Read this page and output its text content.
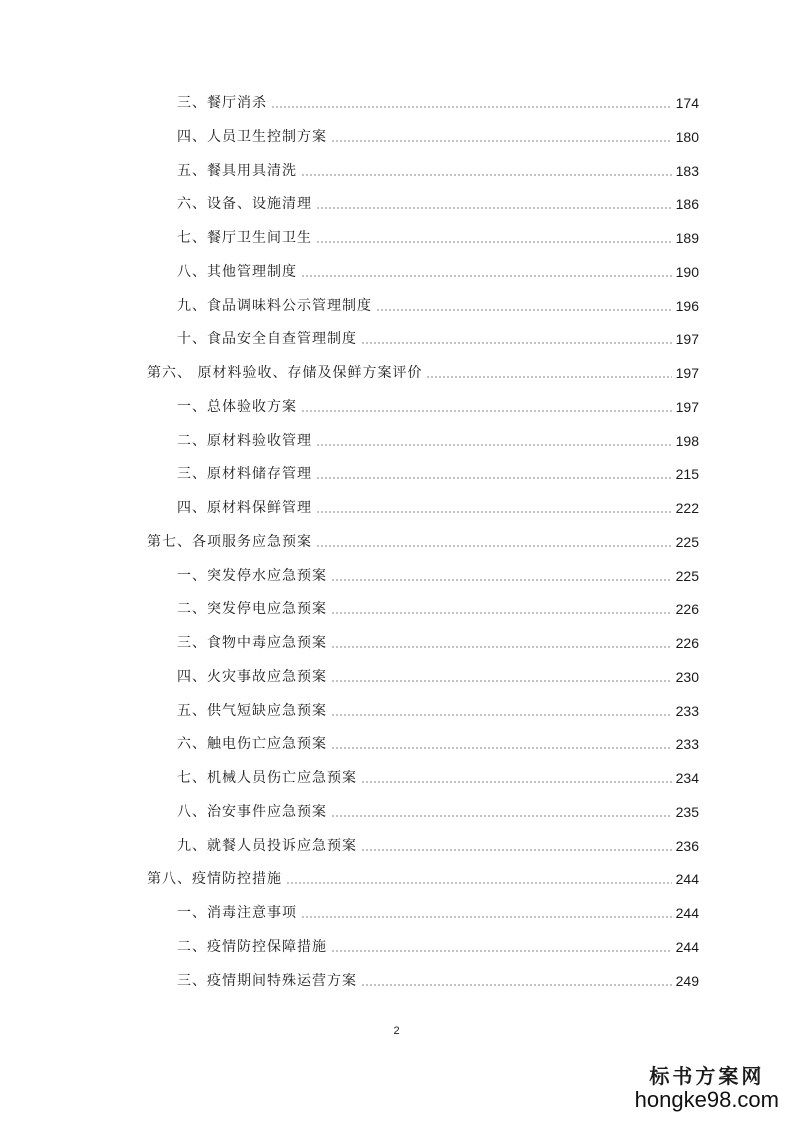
三、餐厅消杀	174
四、人员卫生控制方案	180
五、餐具用具清洗	183
六、设备、设施清理	186
七、餐厅卫生间卫生	189
八、其他管理制度	190
九、食品调味料公示管理制度	196
十、食品安全自查管理制度	197
第六、 原材料验收、存储及保鲜方案评价	197
一、总体验收方案	197
二、原材料验收管理	198
三、原材料储存管理	215
四、原材料保鲜管理	222
第七、各项服务应急预案	225
一、突发停水应急预案	225
二、突发停电应急预案	226
三、食物中毒应急预案	226
四、火灾事故应急预案	230
五、供气短缺应急预案	233
六、触电伤亡应急预案	233
七、机械人员伤亡应急预案	234
八、治安事件应急预案	235
九、就餐人员投诉应急预案	236
第八、疫情防控措施	244
一、消毒注意事项	244
二、疫情防控保障措施	244
三、疫情期间特殊运营方案	249
2
标书方案网
hongke98.com
